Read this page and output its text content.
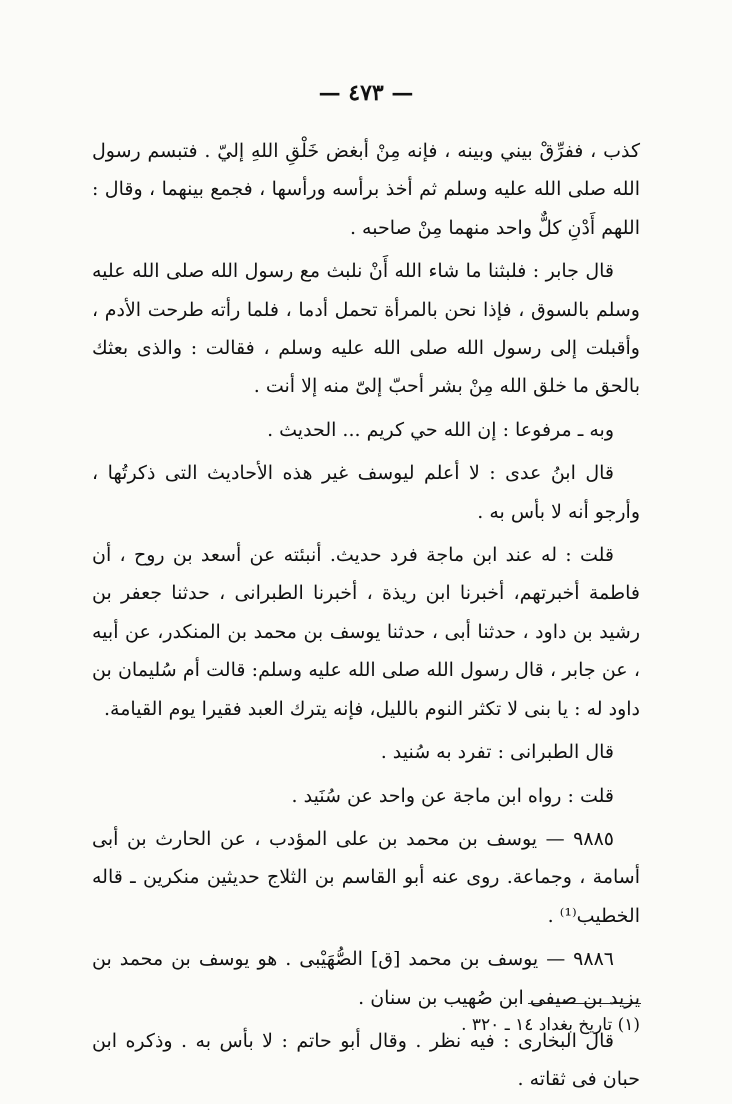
— ٤٧٣ —

كذب ، ففرِّقْ بيني وبينه ، فإنه مِنْ أبغض خَلْقِ اللهِ إليّ . فتبسم رسول الله صلى الله عليه وسلم ثم أخذ برأسه ورأسها ، فجمع بينهما ، وقال : اللهم أَدْنِ كلٌّ واحد منهما مِنْ صاحبه .

قال جابر : فلبثنا ما شاء الله أَنْ نلبث مع رسول الله صلى الله عليه وسلم بالسوق ، فإذا نحن بالمرأة تحمل أدما ، فلما رأته طرحت الأدم ، وأقبلت إلى رسول الله صلى الله عليه وسلم ، فقالت : والذى بعثك بالحق ما خلق الله مِنْ بشر أحبّ إلىّ منه إلا أنت .

وبه ـ مرفوعا : إن الله حي كريم ... الحديث .

قال ابنُ عدى : لا أعلم ليوسف غير هذه الأحاديث التى ذكرتُها ، وأرجو أنه لا بأس به .

قلت : له عند ابن ماجة فرد حديث. أنبئته عن أسعد بن روح ، أن فاطمة أخبرتهم، أخبرنا ابن ريذة ، أخبرنا الطبرانى ، حدثنا جعفر بن رشيد بن داود ، حدثنا أبى ، حدثنا يوسف بن محمد بن المنكدر، عن أبيه ، عن جابر ، قال رسول الله صلى الله عليه وسلم: قالت أم سُليمان بن داود له : يا بنى لا تكثر النوم بالليل، فإنه يترك العبد فقيرا يوم القيامة.

قال الطبرانى : تفرد به سُنيد .

قلت : رواه ابن ماجة عن واحد عن سُنَيد .

٩٨٨٥ — يوسف بن محمد بن على المؤدب ، عن الحارث بن أبى أسامة ، وجماعة. روى عنه أبو القاسم بن الثلاج حديثين منكرين ـ قاله الخطيب⁽¹⁾ .

٩٨٨٦ — يوسف بن محمد [ق] الصُّهَيْبى . هو يوسف بن محمد بن يزيد بن صيفى ابن صُهيب بن سنان .

قال البخارى : فيه نظر . وقال أبو حاتم : لا بأس به . وذكره ابن حبان فى ثقاته .

(١) تاريخ بغداد ١٤ ـ ٣٢٠ .
